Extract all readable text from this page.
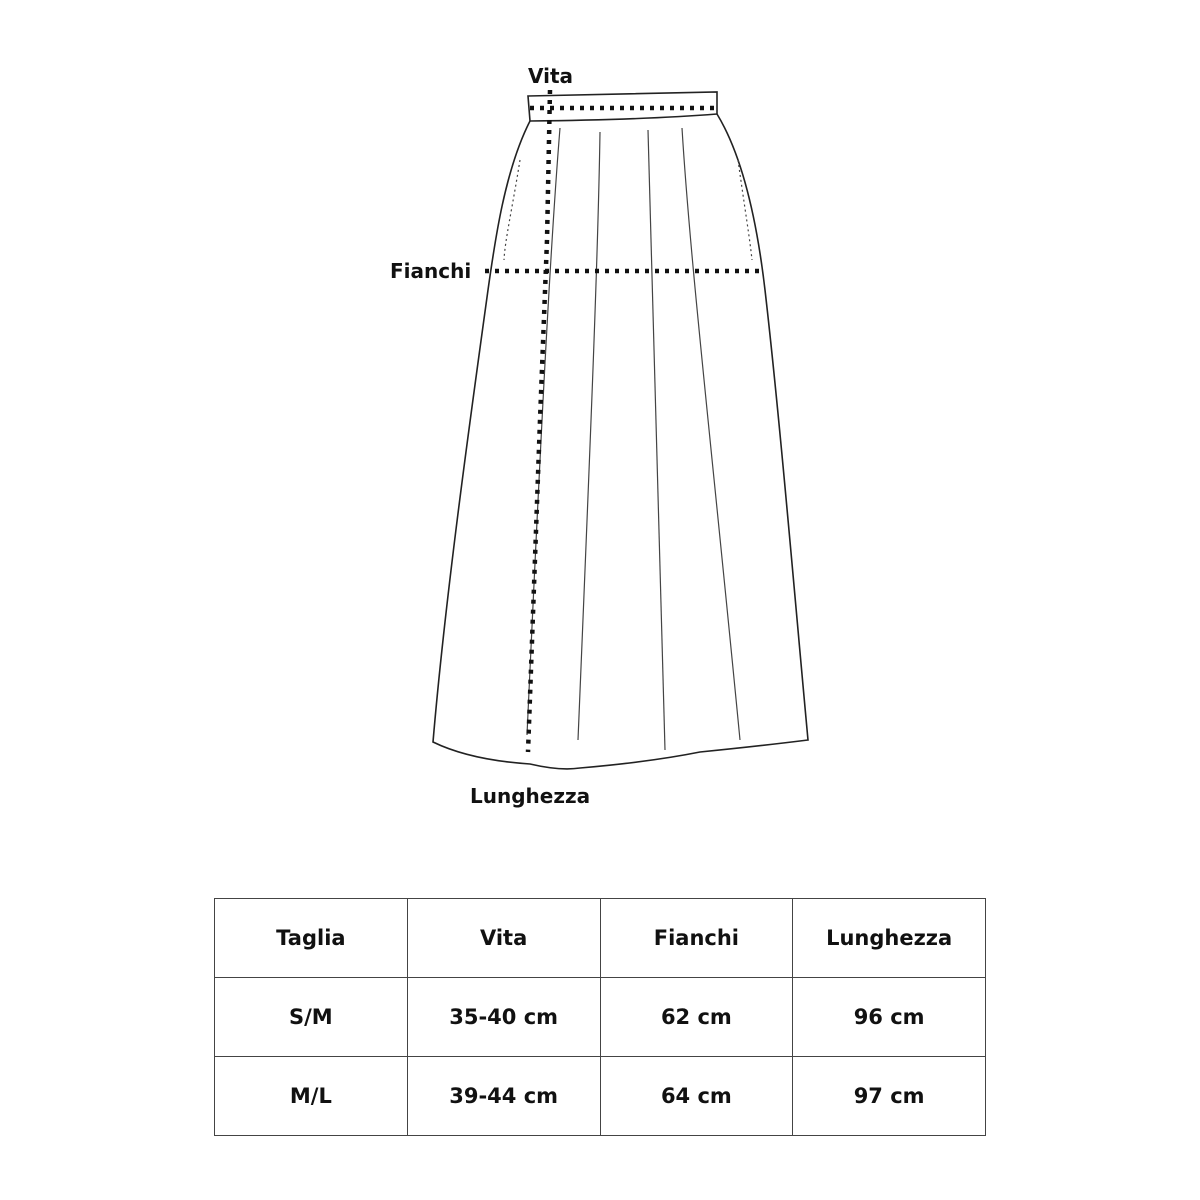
Vita
Fianchi
Lunghezza
Taglia	Vita	Fianchi	Lunghezza
S/M	35-40 cm	62 cm	96 cm
M/L	39-44 cm	64 cm	97 cm
